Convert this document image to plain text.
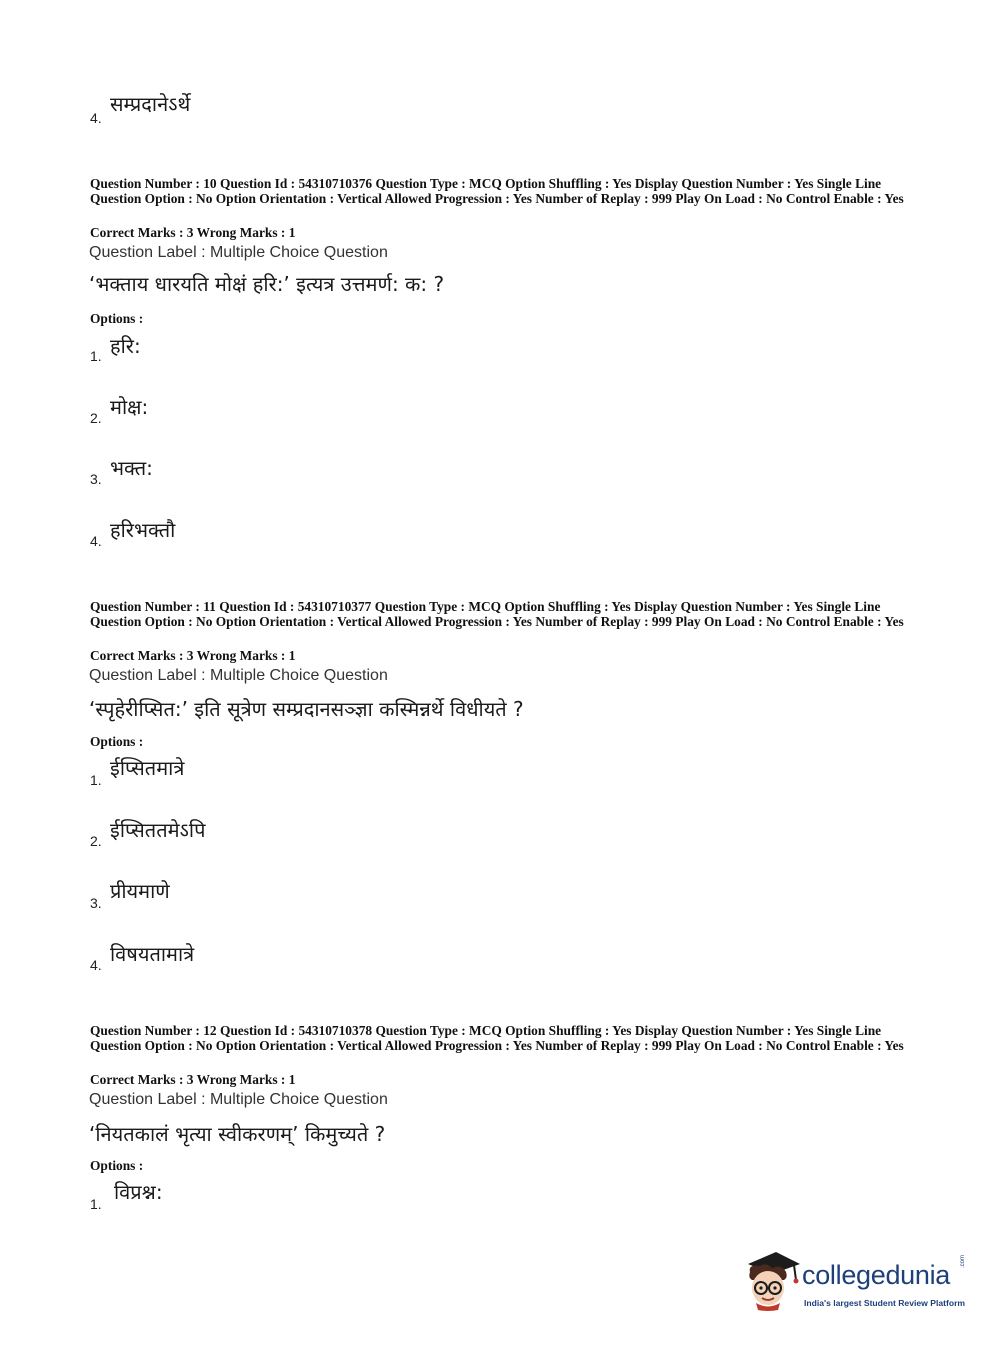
4.
सम्प्रदानेऽर्थे
Question Number : 10 Question Id : 54310710376 Question Type : MCQ Option Shuffling : Yes Display Question Number : Yes Single Line Question Option : No Option Orientation : Vertical Allowed Progression : Yes Number of Replay : 999 Play On Load : No Control Enable : Yes
Correct Marks : 3 Wrong Marks : 1
Question Label : Multiple Choice Question
‘भक्ताय धारयति मोक्षं हरि:’ इत्यत्र उत्तमर्ण: क: ?
Options :
1. हरि:
2. मोक्ष:
3. भक्त:
4. हरिभक्तौ
Question Number : 11 Question Id : 54310710377 Question Type : MCQ Option Shuffling : Yes Display Question Number : Yes Single Line Question Option : No Option Orientation : Vertical Allowed Progression : Yes Number of Replay : 999 Play On Load : No Control Enable : Yes
Correct Marks : 3 Wrong Marks : 1
Question Label : Multiple Choice Question
‘स्पृहेरीप्सित:’ इति सूत्रेण सम्प्रदानसञ्ज्ञा कस्मिन्नर्थे विधीयते ?
Options :
1. ईप्सितमात्रे
2. ईप्सिततमेऽपि
3. प्रीयमाणे
4. विषयतामात्रे
Question Number : 12 Question Id : 54310710378 Question Type : MCQ Option Shuffling : Yes Display Question Number : Yes Single Line Question Option : No Option Orientation : Vertical Allowed Progression : Yes Number of Replay : 999 Play On Load : No Control Enable : Yes
Correct Marks : 3 Wrong Marks : 1
Question Label : Multiple Choice Question
‘नियतकालं भृत्या स्वीकरणम्’ किमुच्यते ?
Options :
1. विप्रश्न:
collegedunia .com
India's largest Student Review Platform
